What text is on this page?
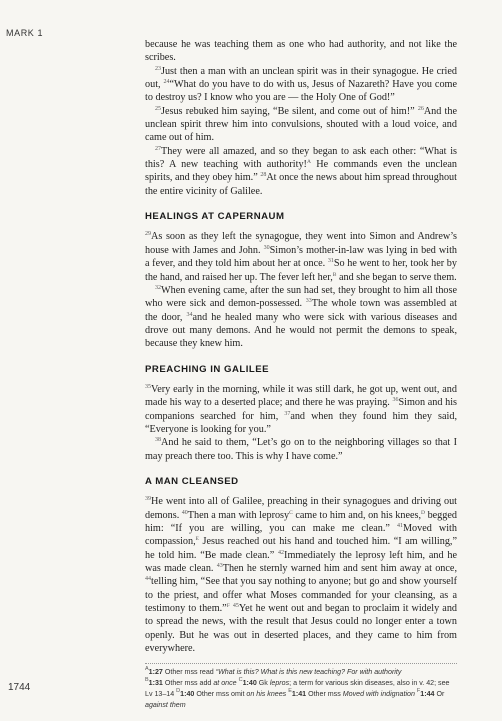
MARK 1

because he was teaching them as one who had authority, and not like the scribes.

$^{23}$Just then a man with an unclean spirit was in their synagogue. He cried out, $^{24}$“What do you have to do with us, Jesus of Nazareth? Have you come to destroy us? I know who you are — the Holy One of God!”

$^{25}$Jesus rebuked him saying, “Be silent, and come out of him!” $^{26}$And the unclean spirit threw him into convulsions, shouted with a loud voice, and came out of him.

$^{27}$They were all amazed, and so they began to ask each other: “What is this? A new teaching with authority!$^A$ He commands even the unclean spirits, and they obey him.” $^{28}$At once the news about him spread throughout the entire vicinity of Galilee.

HEALINGS AT CAPERNAUM

$^{29}$As soon as they left the synagogue, they went into Simon and Andrew’s house with James and John. $^{30}$Simon’s mother-in-law was lying in bed with a fever, and they told him about her at once. $^{31}$So he went to her, took her by the hand, and raised her up. The fever left her,$^B$ and she began to serve them.

$^{32}$When evening came, after the sun had set, they brought to him all those who were sick and demon-possessed. $^{33}$The whole town was assembled at the door, $^{34}$and he healed many who were sick with various diseases and drove out many demons. And he would not permit the demons to speak, because they knew him.

PREACHING IN GALILEE

$^{35}$Very early in the morning, while it was still dark, he got up, went out, and made his way to a deserted place; and there he was praying. $^{36}$Simon and his companions searched for him, $^{37}$and when they found him they said, “Everyone is looking for you.”

$^{38}$And he said to them, “Let’s go on to the neighboring villages so that I may preach there too. This is why I have come.”

A MAN CLEANSED

$^{39}$He went into all of Galilee, preaching in their synagogues and driving out demons. $^{40}$Then a man with leprosy$^C$ came to him and, on his knees,$^D$ begged him: “If you are willing, you can make me clean.” $^{41}$Moved with compassion,$^E$ Jesus reached out his hand and touched him. “I am willing,” he told him. “Be made clean.” $^{42}$Immediately the leprosy left him, and he was made clean. $^{43}$Then he sternly warned him and sent him away at once, $^{44}$telling him, “See that you say nothing to anyone; but go and show yourself to the priest, and offer what Moses commanded for your cleansing, as a testimony to them.”$^F$ $^{45}$Yet he went out and began to proclaim it widely and to spread the news, with the result that Jesus could no longer enter a town openly. But he was out in deserted places, and they came to him from everywhere.

$^A$1:27 Other mss read “What is this? What is this new teaching? For with authority
$^B$1:31 Other mss add at once $^C$1:40 Gk lepros; a term for various skin diseases, also in v. 42; see Lv 13–14 $^D$1:40 Other mss omit on his knees $^E$1:41 Other mss Moved with indignation $^F$1:44 Or against them
1744
